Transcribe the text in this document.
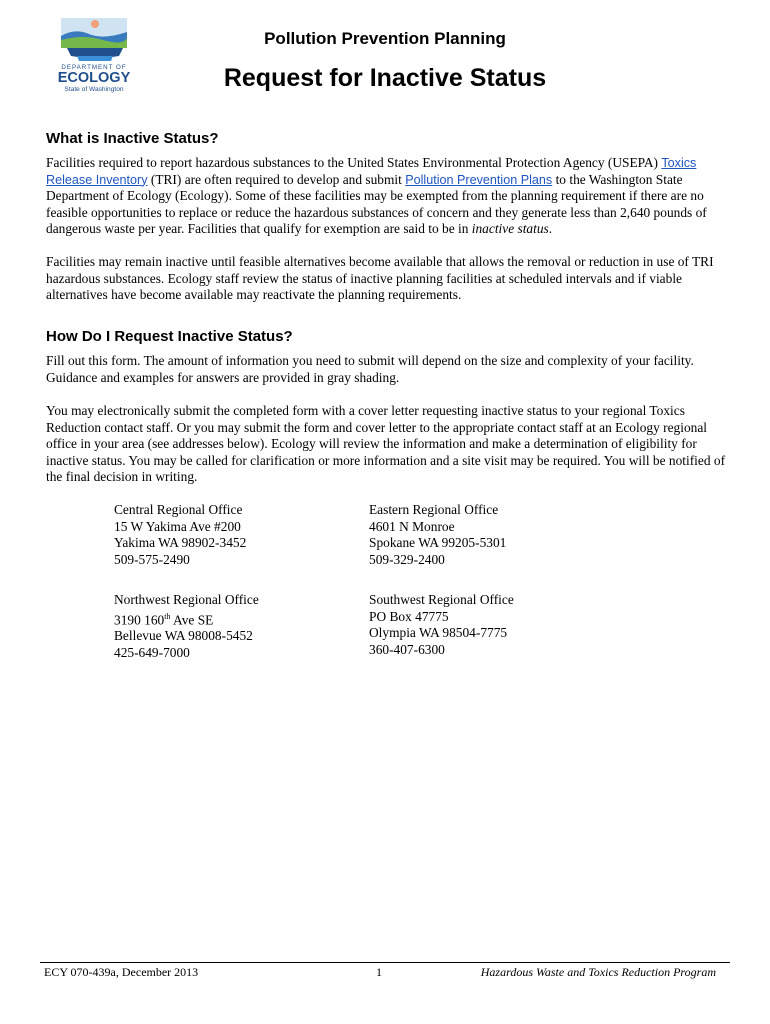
DEPARTMENT OF
ECOLOGY
State of Washington
Pollution Prevention Planning
Request for Inactive Status
What is Inactive Status?
Facilities required to report hazardous substances to the United States Environmental Protection Agency (USEPA) Toxics Release Inventory (TRI) are often required to develop and submit Pollution Prevention Plans to the Washington State Department of Ecology (Ecology). Some of these facilities may be exempted from the planning requirement if there are no feasible opportunities to replace or reduce the hazardous substances of concern and they generate less than 2,640 pounds of dangerous waste per year. Facilities that qualify for exemption are said to be in inactive status.
Facilities may remain inactive until feasible alternatives become available that allows the removal or reduction in use of TRI hazardous substances. Ecology staff review the status of inactive planning facilities at scheduled intervals and if viable alternatives have become available may reactivate the planning requirements.
How Do I Request Inactive Status?
Fill out this form. The amount of information you need to submit will depend on the size and complexity of your facility. Guidance and examples for answers are provided in gray shading.
You may electronically submit the completed form with a cover letter requesting inactive status to your regional Toxics Reduction contact staff. Or you may submit the form and cover letter to the appropriate contact staff at an Ecology regional office in your area (see addresses below). Ecology will review the information and make a determination of eligibility for inactive status. You may be called for clarification or more information and a site visit may be required. You will be notified of the final decision in writing.
Central Regional Office
15 W Yakima Ave #200
Yakima WA 98902-3452
509-575-2490
Eastern Regional Office
4601 N Monroe
Spokane WA 99205-5301
509-329-2400
Northwest Regional Office
3190 160th Ave SE
Bellevue WA 98008-5452
425-649-7000
Southwest Regional Office
PO Box 47775
Olympia WA 98504-7775
360-407-6300
ECY 070-439a, December 2013	1	Hazardous Waste and Toxics Reduction Program
